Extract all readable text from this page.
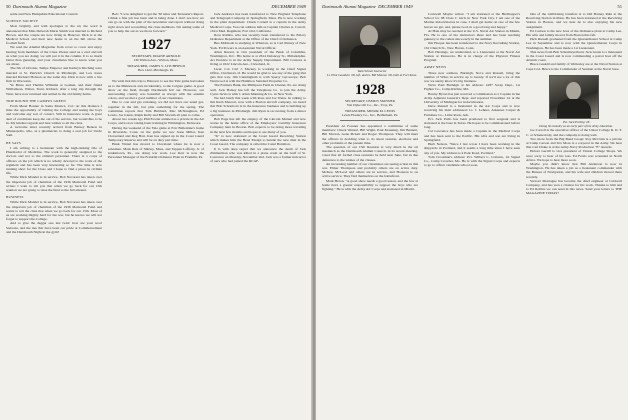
50 Dartmouth Alumni Magazine	DECEMBER 1949

settle and New Hampshire Educational Council.

SCIENCE SOCIETY

Most brightly, and with apologies to the ed, the word is announced that Miss Deborah Marie Smith was married to Richard Brown, and the couple are now living in Hanover. Dick is at the Medical School and their new home is on the hill above the football field.

We read the Alumni Magazine from cover to cover and enjoy hearing from members of the Class. Please send us a card and tell us what you are doing; we will put it in the column. It is so much better than guessing, and your classmates like to know what you are about.

The 5th of October, Tempe Emperor and Kathryn Kitching were married at St. Patrick's Church in Pittsburgh, and Lou Jones married Richard Hobson on the same day. Dick is now with a law firm in Worcester.

Ye Bruss and Thelma Williams at Goshen, and their friend Williamson, Walter, Trent, Richard, after a long trip through the West, have now returned and settled in the old family home.

TRIP ROUND THE CAMPUS GREEN

From Mead Bonner in Santa Monica, Cal.: At this distance I miss the opportunity of visiting the College and seeing the boys and welcome any sort of contact. Still in insurance work. A great deal of conditions keep me out of the service, but would like to be in. My kindest regards and best wishes to all the class.

A welcome letter recently arrived from Barney Benton in Minneapolis, who, as a pharmacist, is doing a real job for Uncle Sam.

HE SAYS

I am writing to a lieutenant with the high-ranking title of Pharmacist of Medicine. The work is generally assigned to the doctors and not to the enlisted personnel. There is a corps of officers on the job which is no wholly devoted to the work of the regiment and has been very interesting so far. The time is now running short for the Class and I hope to find a place in civilian life.

While Dick Mandel is in service, Bob Novaresi has taken over the important job of chairman of the 1936 Memorial Fund and writes: I want to tell you that when we go back for our 15th reunion we are going to raise the fund to the full amount.

BUSINESS

While Dick Mandel is in service, Bob Novaresi has taken over the important job of chairman of the 1936 Memorial Fund and wants to tell the class that when we go back for our 15th. Most of us are working mighty hard for the war, but he knows we will not forget to support the College.

And to give the dagger one last twist: how are your wool Stetsons, and the ties that have been our pride at Commencement and the Dartmouth Night in the gym?

Bob: "I was delighted to get the '36 letter and Treasurer's Report. I think a fine job has been and is being done. I don't see how we can go on with the plan of the newsletter and report without doing right down and reconciling the class members. I'm asking some of you to help me out as we move forward."

1927

SECRETARY, DOANE ARNOLD

130 Walton Ave., Walton, Mass.

TREASURER, JAMES S. LITCHFIELD

Box 1422, Pittsburgh, Pa.

We wish that this trip to Hanover to see the Yale game had taken us to the Minnesota and, incidentally, to the Colgate game. A good show on the field, though Dartmouth fell out. However, our surrounding country was beautiful as always with the autumn colors, and we met a good number of our classmates.

Due to cost and gas rationing, we did not have our usual get-together in the fall, but plan something for the spring. The committee reports that Tom Hubbard, Mac McNaughton, Ed Lewis, Joe Glenn, Ralph Kelly and Bill Slocum all plan to come.

About two weeks ago Phil Fowler enlisted as a private in the Air Corps, and is now taking basic training in Wilmington, Delaware.

During the weekend of the Yale game at Eric Ballentine's home in Riverside, Conn. on the game we saw Jesse Miller, Ken Cleaveland and Reg Barr. Ken has signed up in the Coast Guard Temporary Reserve and will be on duty part time.

Hank Vinnal has moved to Cleveland where he is now a salesman. Mark Reis of Shirley, Mass. and Tappen Lafferty, Jr. of Jenkintown, Pa., are doing war work. Lee Kerr is now the Personnel Manager of the Franklin Ordnance Plant in Franklin, Pa.

Jack Andrews has been transferred to New England Telephone and Telegraph Company in Springfield, Mass. He is now working in the plant department. Chuck Cornell is a captain in the Army Medical Corps. You can address him as Captain Charles A. Carroll, 161st Med. Regiment, Fort Ord, California.

Ross Rollins, who has recently been transferred to the Emory Ordnance Department at the Office of the Chief of Ordnance.

Bus McIntosh is studying at Wharton, as is Carl Pinney of New York. Ed Powers is an Assistant Naval Officer.

Allen Reeves is vice president of the Bank of Columbia, Washington, D.C. His home is at 2614 Delancey St., Philadelphia. Art Prentice is in the Army Supply Department. Bill Connors is living at 1022 Lincoln Ave., Cleveland, O.

Lieut. Col. Carl J. Mackey is working in the Chief Signal Office, Cincinnati, O. He would be glad to see any of the gang that gets that way. Jim Cunningham is with Sperry Gyroscope. Bob Westwood is with the Hamilton Standard Propeller Co.

The Farmers Bank, the Phillipson Farm in Chester, Pa. are doing well. Jack Halsey has left the Telephone Co. to join the Army. Cyrus Jarvis is with J. Allen Manning & Co. in New York.

We had lunch this week with Ross and Joe Weiss. In talking to Jim Raab Mescott, now with a Boston aircraft company, we heard that Bob Schonborn is in the insurance business and is building up a big business in Pittsburgh. Jim Ryan is recovering from a minor operation.

Bob Page has left the employ of the Lincoln Mutual and now works in the home office of the Employers' Liability Insurance Company here in Boston. Bob expects to be doing more traveling in the next few months and hopes to see many of you.

"K" is now stationed at the Coast Guard Receiving Station which makes him the Head Ensign to handle the new men in the Coast Guard. The company is called the Canal Battalion.

It is with deep regret that we announce the death of Jack Zimmerman who was killed in a plane crash on the Gulf of St. Lawrence on Monday, November 2nd. Jack was a former instructor of ours who had joined the RCAF.

Dartmouth Alumni Magazine DECEMBER 1949	51

Tank School Instructor

Lt. Eliot Goodwin '28, left, and Lt. Bill Monroe '28, both at Fort Knox.

1928

SECRETARY, OSMUN SKINNER

Van Dyke Oil Co., Inc., Troy, Pa.

TREASURER, MINOR M. LEWIS

Lewis Hosiery Co., Inc., Bethlehem, Pa.

President Al Fossner has appointed a committee of some members: Chuck Wenzel, Bill Wight, Paul Kraening, Jim Bennett, Bill Morton, Gene Pickett and Roger Thompson. They will meet the officers in deciding what to do about reunion, elections and other problems at the present time.

The question of our 15th Reunion is very much in the air inasmuch as the Dartmouth Alumni Council, in its recent meeting, voted that all formal class reunions be held next June, but in due deference to the wishes of the classes.

An increasing number of our classmates are seeing action in this war. Elmer Thompson and probably others are on active duty. McKee, McLeod and others are in service, and Houston is on active service. They find themselves on the battlefront.

Mark Heron, "A good show needs a good reason, and the few at home have a greater responsibility to support the boys who are fighting." He is with the Army Air Corps and stationed in Miami.

Cornwall Mayne writes: "I am stationed at the Birdhopper's School for 98 Class C Girls in New York City. I am one of the Marine indoctrinators in case, I shall get home on one of the few leaves we get, and, please God, in a good long and happy."

Al Hale may be reached at the U.S. Naval Air Station in Miami, Fla. He is one of the instructors there and has been teaching gunnery to the cadets since early in the summer.

Jim Hooper has been transferred to the Navy Recruiting Station, 161 Church St., New Haven, Conn.

Bob Hastings, we understand, is a Lieutenant at the Naval Air Station at Pensacola. He is in charge of the Physical Fitness Program.

ARMY NEWS

Three new soldiers, Burleigh, Nova and Russell, bring the number of Whos in service up to twenty. If we'll see a lot of this war we surely know it's big business.

We're Paul Burleigh at his address: 4187 Scrap Dept., 1st Fighter Co., Camp Ritchie, Md.

Bantry Byron has just received a commission as a Captain in the Army Adjutant General's Dept. and reported November 1st at the University of Michigan for indoctrination.

Dave Russell is a lieutenant in the Air Corps and is now receiving his mail addressed: Lt. J. Lehner, Arkansas Carpet & Furniture Co., Little Rock, Ark.

Pvt. Jack Pullo has been promoted to first sergeant and is stationed at the base in Texas. He hopes to be commissioned before long.

Cal Lawrence has been made a Captain in the Medical Corps and has been sent to the Pacific. His wife and son are living in Springfield.

Herb Nelson, "Since I last wrote I have been working in the shipyards in Portland, and it seems a long time since I have seen any of you. My address is 4 Park Road, Portland."

Tom Crossman's address: Pvt. Wilbert C. Colburn, 1st Signal Co., Camp Crowder, Mo. He is with the Signal Corps and expects to go to officer candidate school soon.

One of the trailblazing transfers is to Old Barney Rain at the Receiving Station in Mass. He has been stationed at the Receiving Station in Boston, and we hear he is also enjoying his new assignment.

Ed Carlson is the new boss of the Ordnance plant at Camp Lee. His wife and family moved from Boston this fall.

Dick Russell graduated from the Quartermaster School at Camp Lee in September and is now with the Quartermaster Corps in Washington. He has been made a 1st Lieutenant.

This news from Bob Schermeyerhorn: Jack Green is a lieutenant in the Coast Guard and is now commanding a patrol boat off the Atlantic coast.

Bruce Gaskill and family of Wellesley are at the Naval Station at Cape Cod. Bruce is the Commander of Seaman at the Naval base.

Pvt. Jack Prellog '28

Doing his laundry as an early part of his Army education.

Joe Carroll is the executive officer of the Union College R. O. T. C. at Schenectady, and the company is doing well.

Two more from the Big Band Group: Roy McClain is a private at Camp Carson and Tex Moss is a corporal in the Army. We hear that Carl Drake is at the Army-Navy Production "E" Awards.

Hobart Gerrill is vice president of Vinton College Shops. We were sorry to hear of his loss. Ed Ferris was wounded in North Africa. We hope to hear more soon.

Maybe you didn't know that Bill Anderson is now in Washington. He has taken a job as a lieutenant commander with the Bureau of Navigation, and his wife and children moved there recently.

Stewart Montague has become the chief engineer at Caldwell Company, and has won a citation for his work. Thanks to him and to Ed Rollins we can send in this news. Send your letters to THE MAGAZINE TODAY!
